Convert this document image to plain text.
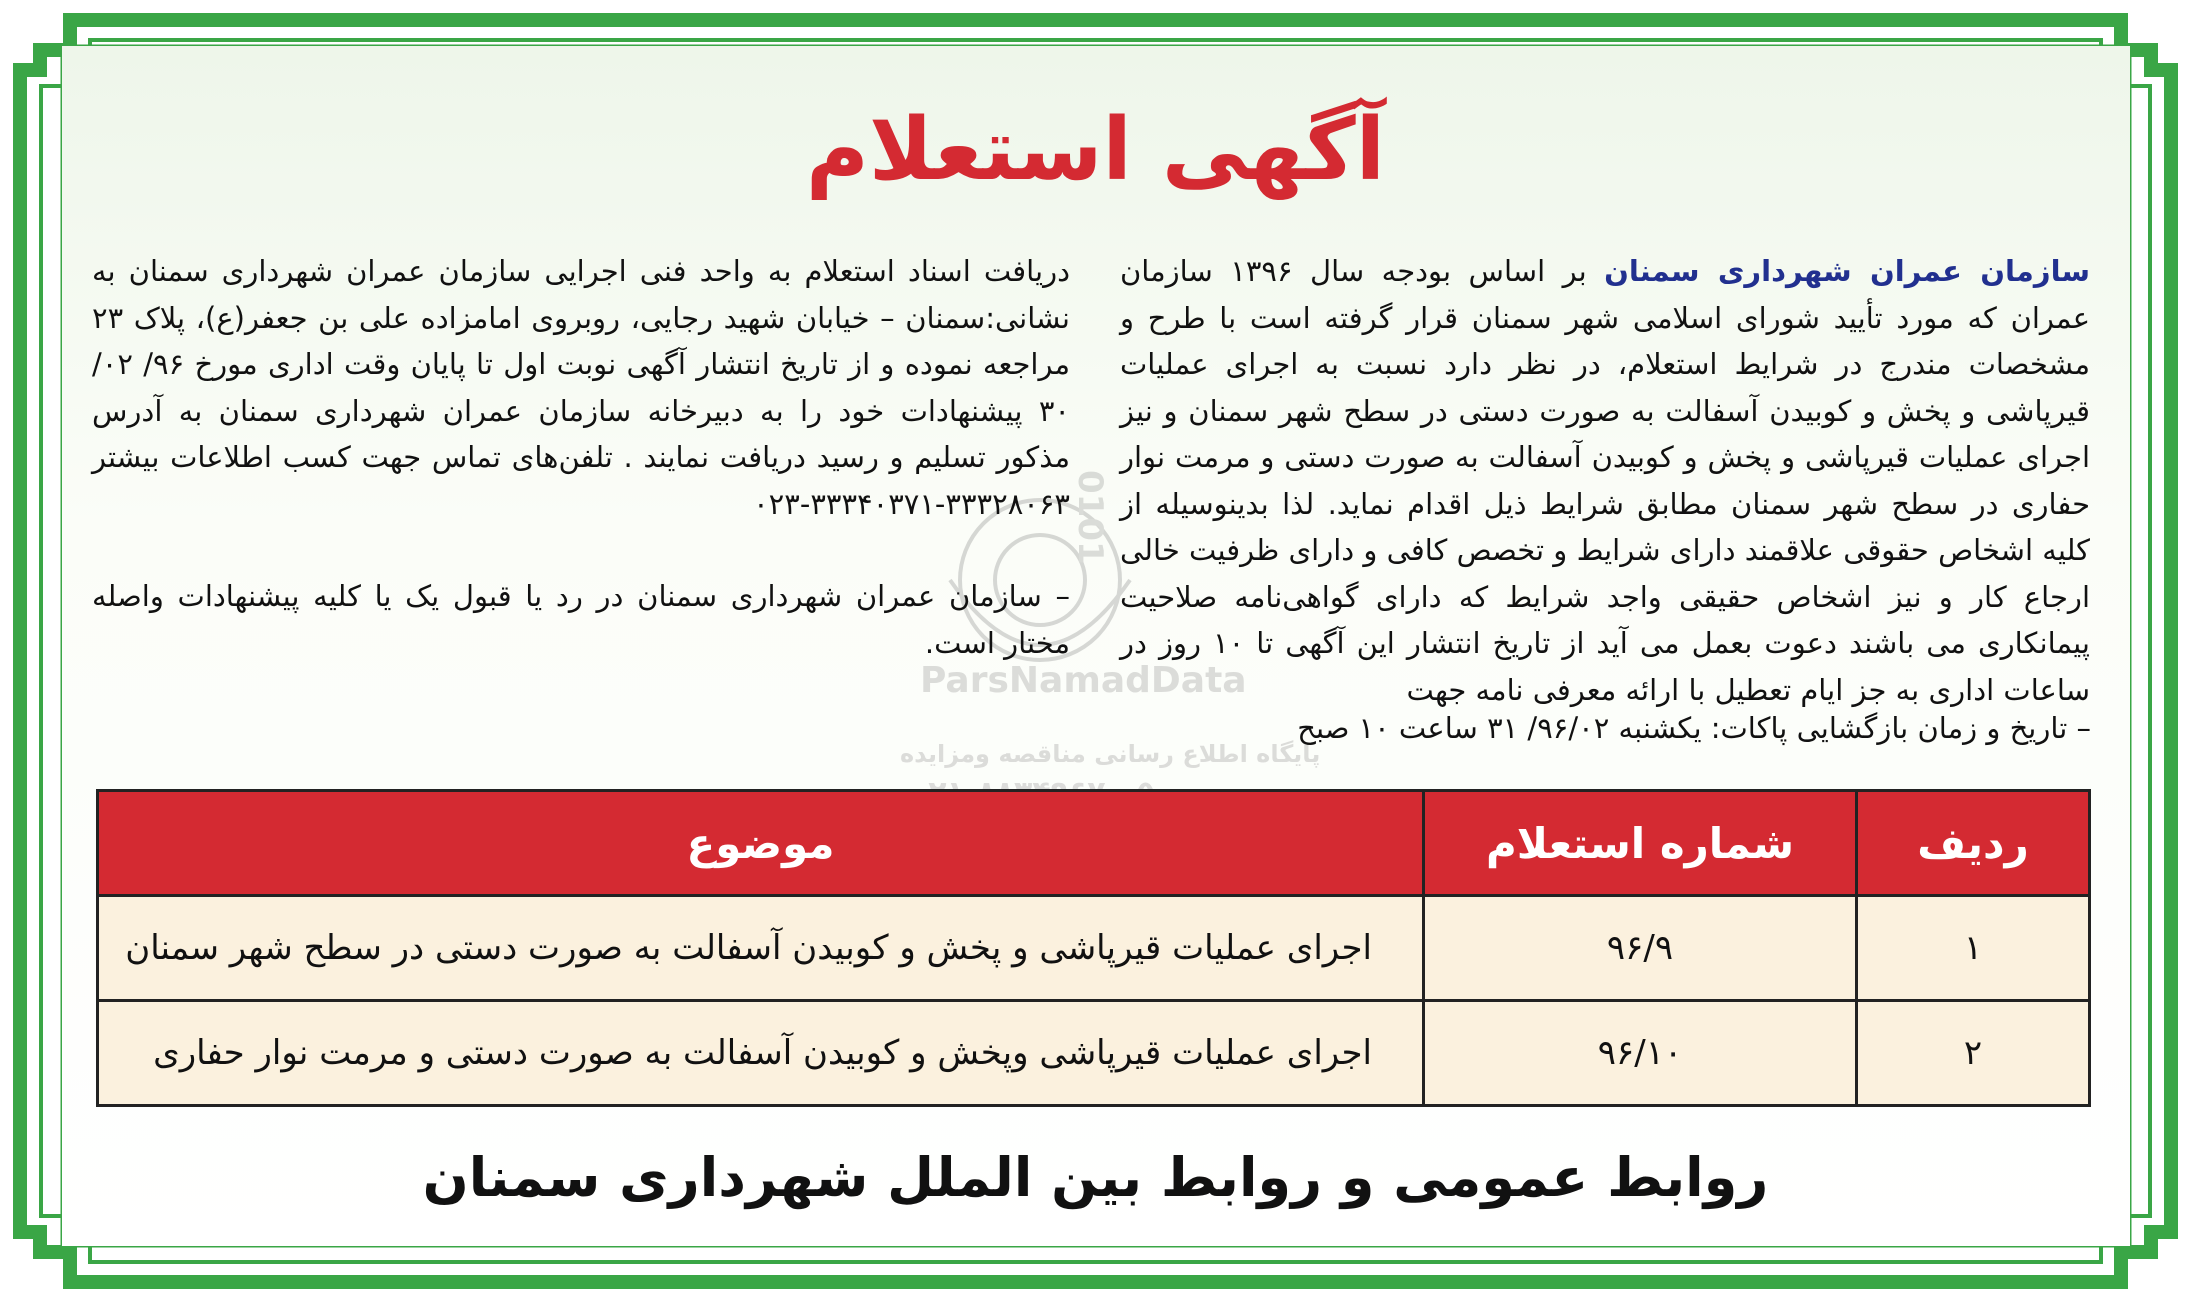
0101
ParsNamadData
پایگاه اطلاع رسانی مناقصه ومزایده
آگهی استعلام
سازمان عمران شهرداری سمنان بر اساس بودجه سال ۱۳۹۶ سازمان عمران که مورد تأیید شورای اسلامی شهر سمنان قرار گرفته است با طرح و مشخصات مندرج در شرایط استعلام، در نظر دارد نسبت به اجرای عملیات قیرپاشی و پخش و کوبیدن آسفالت به صورت دستی در سطح شهر سمنان و نیز اجرای عملیات قیرپاشی و پخش و کوبیدن آسفالت به صورت دستی و مرمت نوار حفاری در سطح شهر سمنان مطابق شرایط ذیل اقدام نماید. لذا بدینوسیله از کلیه اشخاص حقوقی علاقمند دارای شرایط و تخصص کافی و دارای ظرفیت خالی ارجاع کار و نیز اشخاص حقیقی واجد شرایط که دارای گواهی‌نامه صلاحیت پیمانکاری می باشند دعوت بعمل می آید از تاریخ انتشار این آگهی تا ۱۰ روز در ساعات اداری به جز ایام تعطیل با ارائه معرفی نامه جهت
دریافت اسناد استعلام به واحد فنی اجرایی سازمان عمران شهرداری سمنان به نشانی:سمنان – خیابان شهید رجایی، روبروی امامزاده علی بن جعفر(ع)، پلاک ۲۳ مراجعه نموده و از تاریخ انتشار آگهی نوبت اول تا پایان وقت اداری مورخ ۹۶/ ۰۲/ ۳۰ پیشنهادات خود را به دبیرخانه سازمان عمران شهرداری سمنان به آدرس مذکور تسلیم و رسید دریافت نمایند . تلفن‌های تماس جهت کسب اطلاعات بیشتر ۳۳۳۲۸۰۶۳-۳۳۳۴۰۳۷۱-۰۲۳
– سازمان عمران شهرداری سمنان در رد یا قبول یک یا کلیه پیشنهادات واصله مختار است.
– تاریخ و زمان بازگشایی پاکات: یکشنبه ۹۶/۰۲/ ۳۱ ساعت ۱۰ صبح
ردیف	شماره استعلام	موضوع
۱	۹۶/۹	اجرای عملیات قیرپاشی و پخش و کوبیدن آسفالت به صورت دستی در سطح شهر سمنان
۲	۹۶/۱۰	اجرای عملیات قیرپاشی وپخش و کوبیدن آسفالت به صورت دستی و مرمت نوار حفاری
روابط عمومی و روابط بین الملل شهرداری سمنان
